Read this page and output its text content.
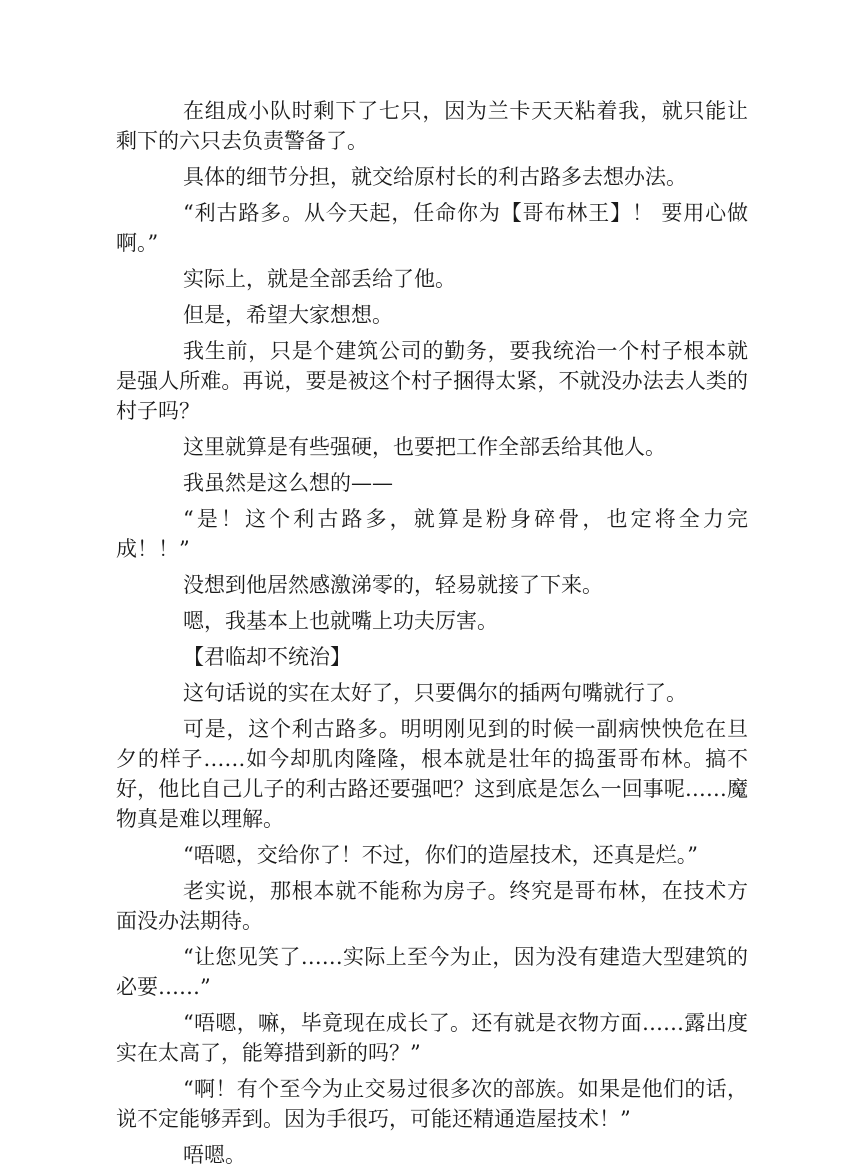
在组成小队时剩下了七只，因为兰卡天天粘着我，就只能让剩下的六只去负责警备了。

具体的细节分担，就交给原村长的利古路多去想办法。

“利古路多。从今天起，任命你为【哥布林王】！ 要用心做啊。”

实际上，就是全部丢给了他。

但是，希望大家想想。

我生前，只是个建筑公司的勤务，要我统治一个村子根本就是强人所难。再说，要是被这个村子捆得太紧，不就没办法去人类的村子吗？

这里就算是有些强硬，也要把工作全部丢给其他人。

我虽然是这么想的——

“是！这个利古路多，就算是粉身碎骨，也定将全力完成！！”

没想到他居然感激涕零的，轻易就接了下来。

嗯，我基本上也就嘴上功夫厉害。

【君临却不统治】

这句话说的实在太好了，只要偶尔的插两句嘴就行了。

可是，这个利古路多。明明刚见到的时候一副病怏怏危在旦夕的样子……如今却肌肉隆隆，根本就是壮年的捣蛋哥布林。搞不好，他比自己儿子的利古路还要强吧？这到底是怎么一回事呢……魔物真是难以理解。

“唔嗯，交给你了！不过，你们的造屋技术，还真是烂。”

老实说，那根本就不能称为房子。终究是哥布林，在技术方面没办法期待。

“让您见笑了……实际上至今为止，因为没有建造大型建筑的必要……”

“唔嗯，嘛，毕竟现在成长了。还有就是衣物方面……露出度实在太高了，能筹措到新的吗？”

“啊！有个至今为止交易过很多次的部族。如果是他们的话，说不定能够弄到。因为手很巧，可能还精通造屋技术！”

唔嗯。
